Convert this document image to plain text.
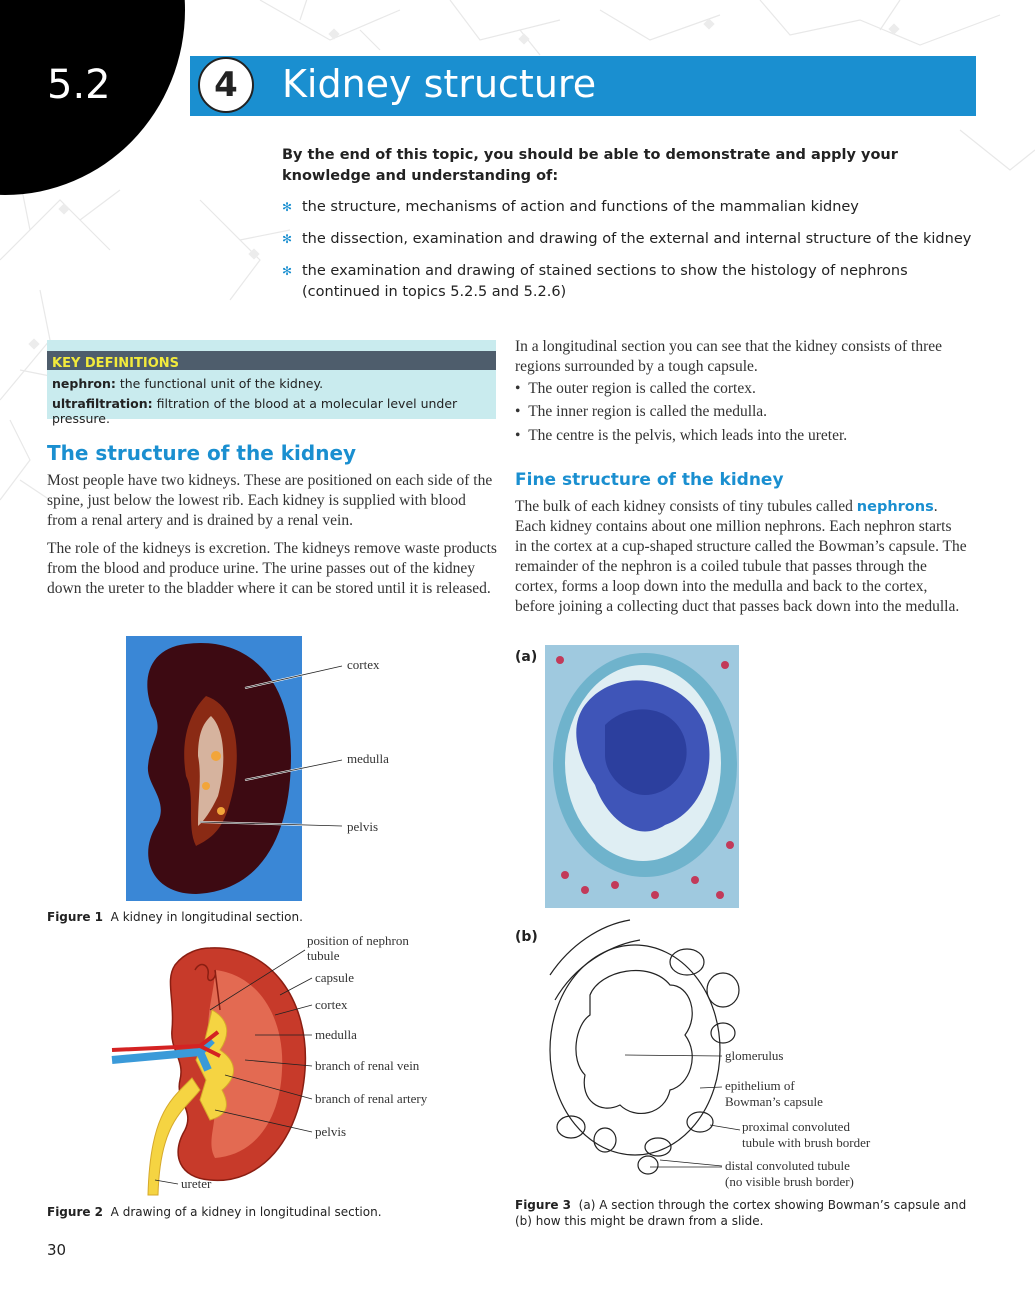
5.2	4	Kidney structure
By the end of this topic, you should be able to demonstrate and apply your knowledge and understanding of:
✻ the structure, mechanisms of action and functions of the mammalian kidney
✻ the dissection, examination and drawing of the external and internal structure of the kidney
✻ the examination and drawing of stained sections to show the histology of nephrons (continued in topics 5.2.5 and 5.2.6)
KEY DEFINITIONS
nephron: the functional unit of the kidney.
ultrafiltration: filtration of the blood at a molecular level under pressure.
The structure of the kidney
Most people have two kidneys. These are positioned on each side of the spine, just below the lowest rib. Each kidney is supplied with blood from a renal artery and is drained by a renal vein.
The role of the kidneys is excretion. The kidneys remove waste products from the blood and produce urine. The urine passes out of the kidney down the ureter to the bladder where it can be stored until it is released.
In a longitudinal section you can see that the kidney consists of three regions surrounded by a tough capsule.
•  The outer region is called the cortex.
•  The inner region is called the medulla.
•  The centre is the pelvis, which leads into the ureter.
Fine structure of the kidney
The bulk of each kidney consists of tiny tubules called nephrons. Each kidney contains about one million nephrons. Each nephron starts in the cortex at a cup-shaped structure called the Bowman’s capsule. The remainder of the nephron is a coiled tubule that passes through the cortex, forms a loop down into the medulla and back to the cortex, before joining a collecting duct that passes back down into the medulla.
cortex
medulla
pelvis
Figure 1 A kidney in longitudinal section.
position of nephron
tubule
capsule
cortex
medulla
branch of renal vein
branch of renal artery
pelvis
ureter
Figure 2 A drawing of a kidney in longitudinal section.
(a)
(b)
glomerulus
epithelium of
Bowman’s capsule
proximal convoluted
tubule with brush border
distal convoluted tubule
(no visible brush border)
Figure 3 (a) A section through the cortex showing Bowman’s capsule and
(b) how this might be drawn from a slide.
30
